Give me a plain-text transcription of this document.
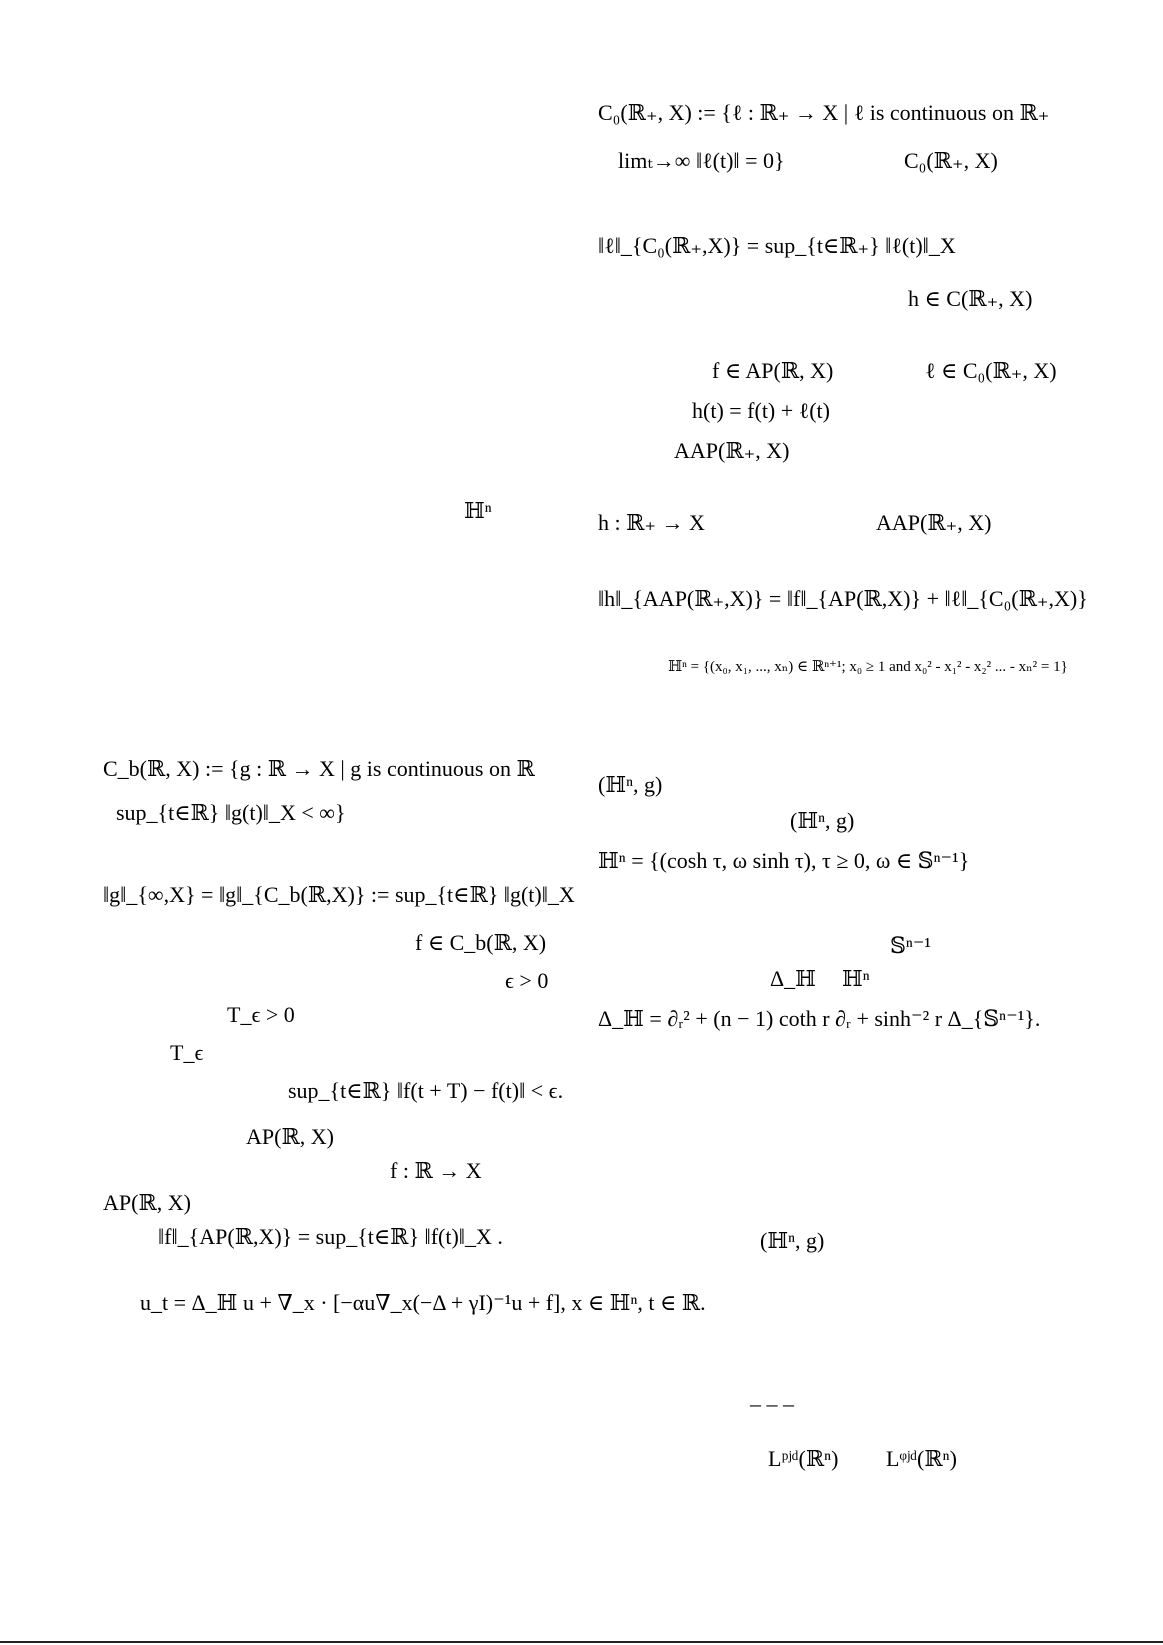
C₀(ℝ₊, X) := {ℓ : ℝ₊ → X | ℓ is continuous on ℝ₊
limₜ→∞ ‖ℓ(t)‖ = 0}	C₀(ℝ₊, X)
‖ℓ‖_{C₀(ℝ₊,X)} = sup_{t∈ℝ₊} ‖ℓ(t)‖_X
h ∈ C(ℝ₊, X)
f ∈ AP(ℝ, X)	ℓ ∈ C₀(ℝ₊, X)
h(t) = f(t) + ℓ(t)
AAP(ℝ₊, X)
h : ℝ₊ → X	AAP(ℝ₊, X)
‖h‖_{AAP(ℝ₊,X)} = ‖f‖_{AP(ℝ,X)} + ‖ℓ‖_{C₀(ℝ₊,X)}
ℍⁿ = {(x₀, x₁, ..., xₙ) ∈ ℝⁿ⁺¹; x₀ ≥ 1 and x₀² - x₁² - x₂² ... - xₙ² = 1}
(ℍⁿ, g)
(ℍⁿ, g)
ℍⁿ = {(cosh τ, ω sinh τ), τ ≥ 0, ω ∈ 𝕊ⁿ⁻¹}
𝕊ⁿ⁻¹
Δ_ℍ ℍⁿ
Δ_ℍ = ∂ᵣ² + (n − 1) coth r ∂ᵣ + sinh⁻² r Δ_{𝕊ⁿ⁻¹}.
(ℍⁿ, g)
– – –
Lᵖʲᵈ(ℝⁿ) Lᵠʲᵈ(ℝⁿ)
ℍⁿ
C_b(ℝ, X) := {g : ℝ → X | g is continuous on ℝ
sup_{t∈ℝ} ‖g(t)‖_X < ∞}
‖g‖_{∞,X} = ‖g‖_{C_b(ℝ,X)} := sup_{t∈ℝ} ‖g(t)‖_X
f ∈ C_b(ℝ, X)
ϵ > 0
T_ϵ > 0
T_ϵ
sup_{t∈ℝ} ‖f(t + T) − f(t)‖ < ϵ.
AP(ℝ, X)
f : ℝ → X
AP(ℝ, X)
‖f‖_{AP(ℝ,X)} = sup_{t∈ℝ} ‖f(t)‖_X .
u_t = Δ_ℍ u + ∇_x · [−αu∇_x(−Δ + γI)⁻¹u + f], x ∈ ℍⁿ, t ∈ ℝ.
